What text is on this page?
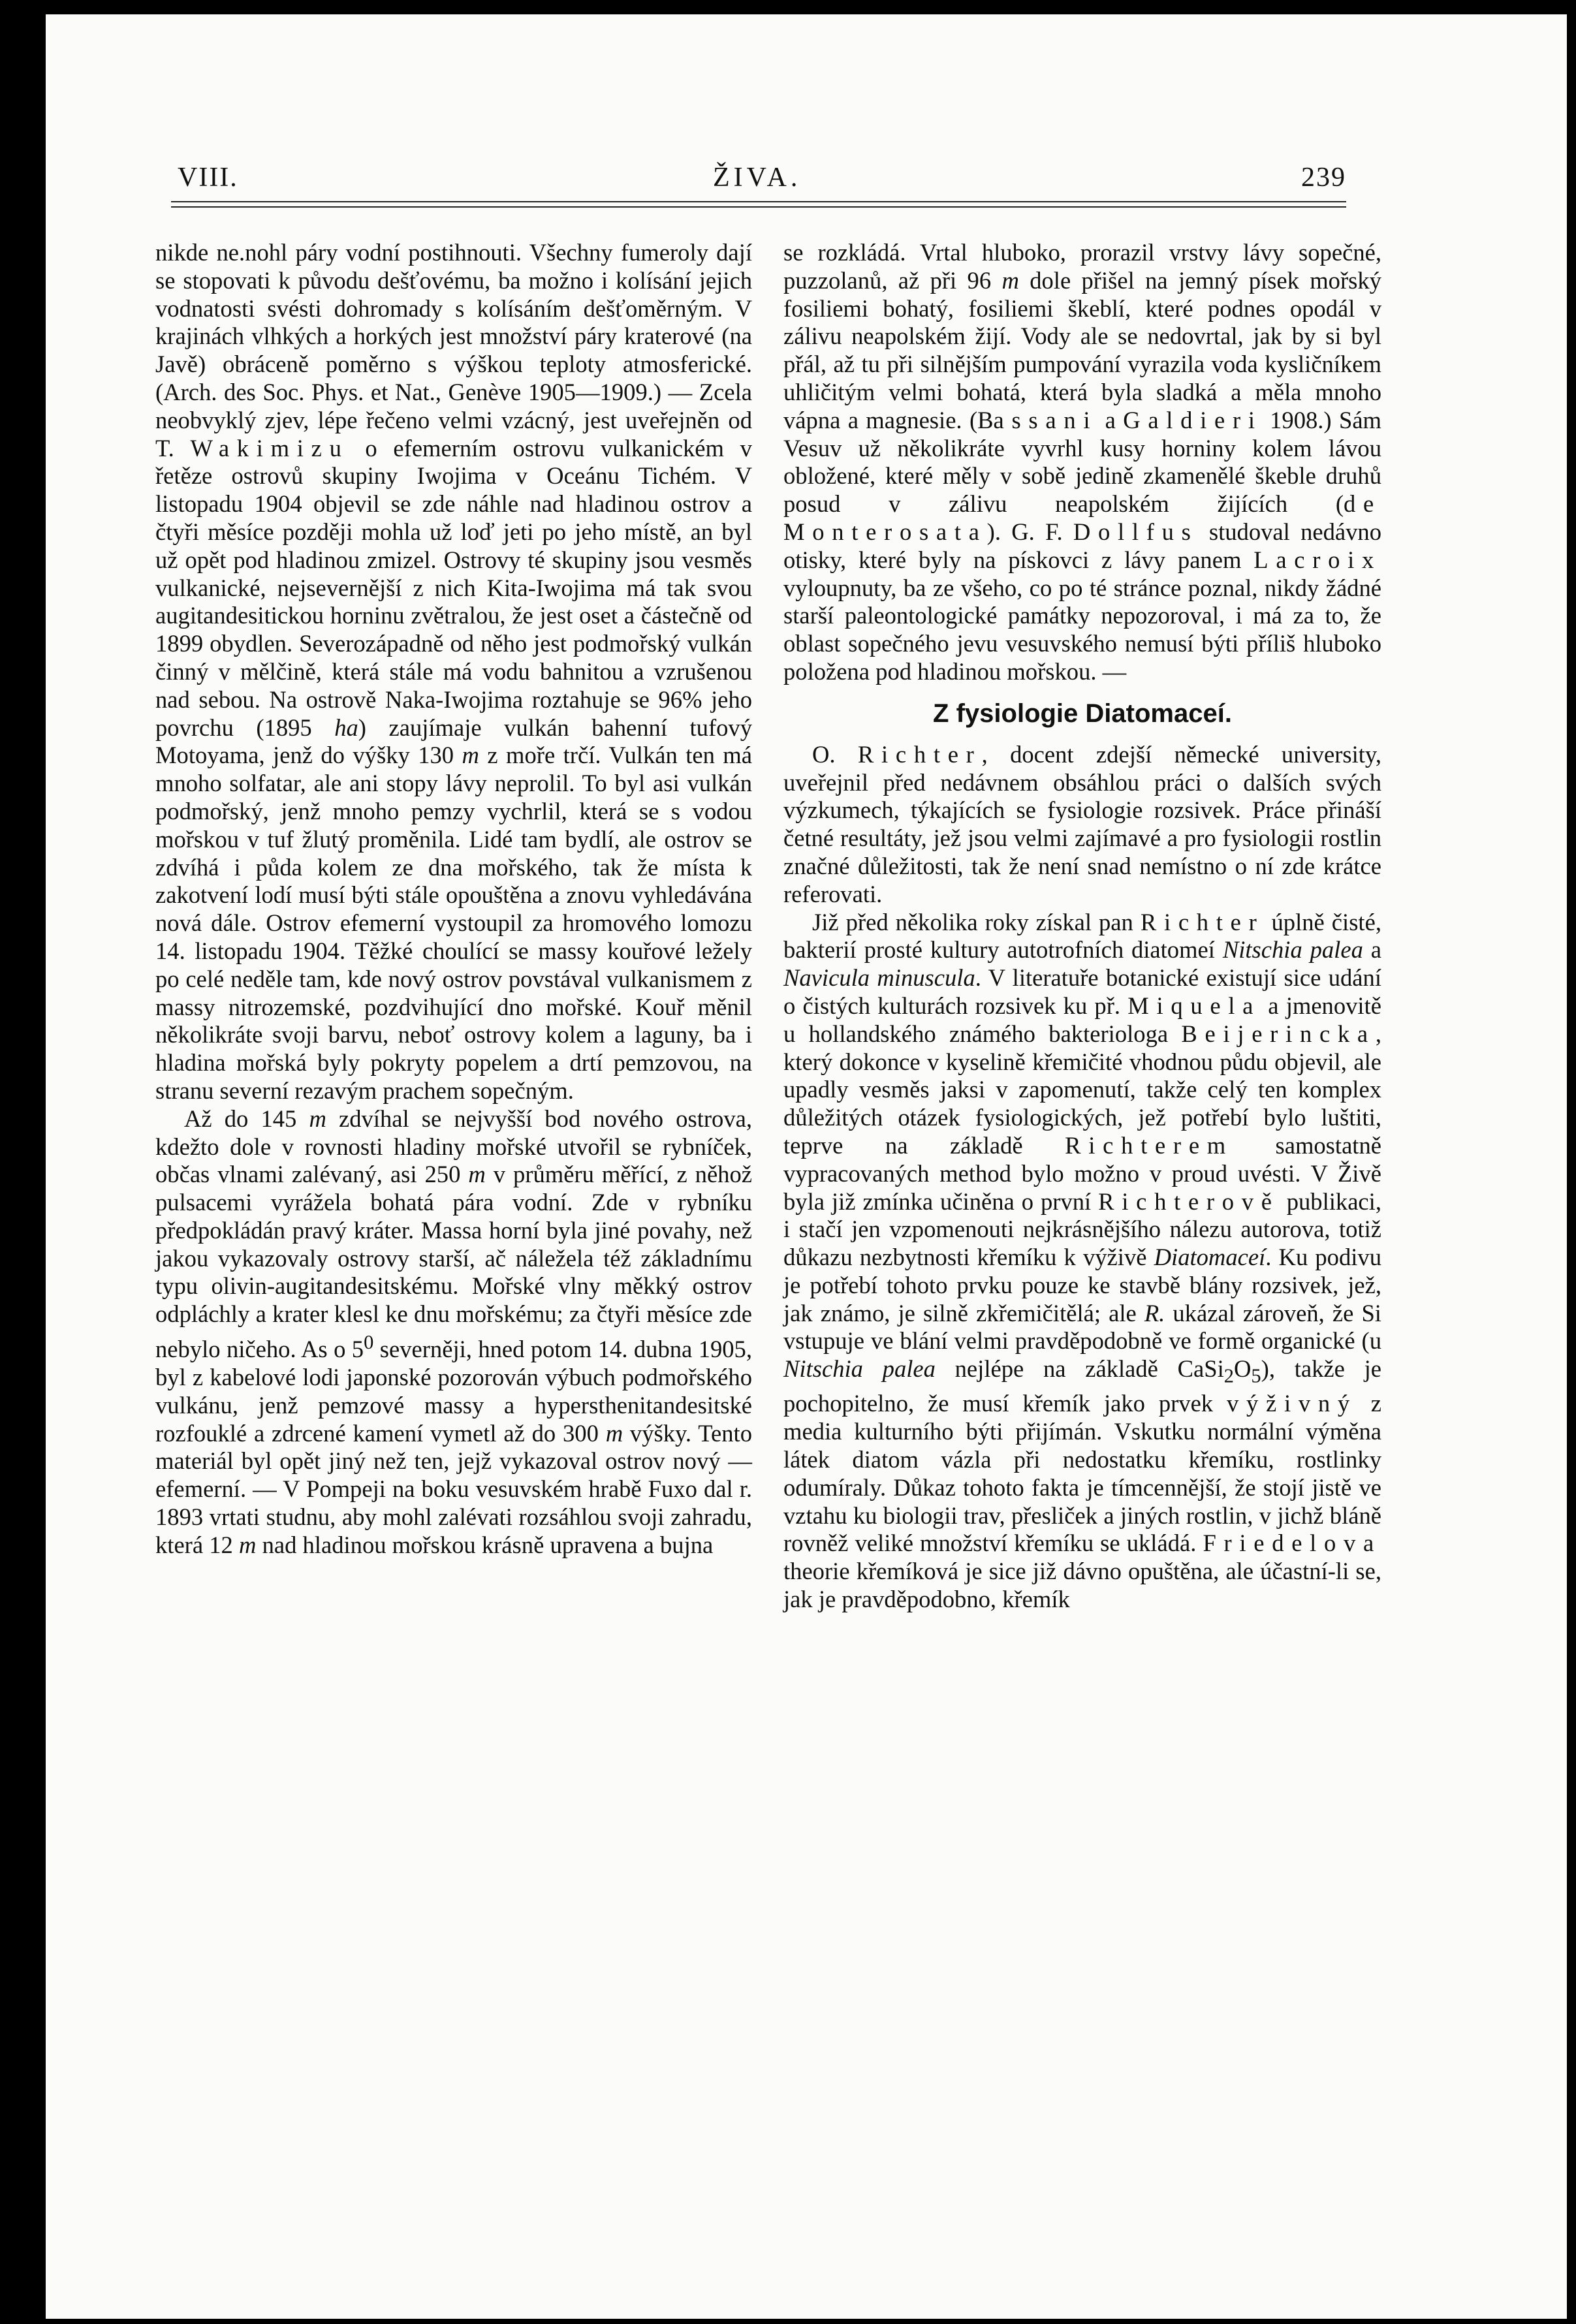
VIII.	ŽIVA.	239

nikde ne.nohl páry vodní postihnouti. Všechny fumeroly dají se stopovati k původu dešťovému, ba možno i kolísání jejich vodnatosti svésti dohromady s kolísáním dešťoměrným. V krajinách vlhkých a horkých jest množství páry kraterové (na Javě) obráceně poměrno s výškou teploty atmosferické. (Arch. des Soc. Phys. et Nat., Genève 1905—1909.) — Zcela neobvyklý zjev, lépe řečeno velmi vzácný, jest uveřejněn od T. Wakimizu o efemerním ostrovu vulkanickém v řetěze ostrovů skupiny Iwojima v Oceánu Tichém. V listopadu 1904 objevil se zde náhle nad hladinou ostrov a čtyři měsíce později mohla už loď jeti po jeho místě, an byl už opět pod hladinou zmizel. Ostrovy té skupiny jsou vesměs vulkanické, nejsevernější z nich Kita-Iwojima má tak svou augitandesitickou horninu zvětralou, že jest oset a částečně od 1899 obydlen. Severozápadně od něho jest podmořský vulkán činný v mělčině, která stále má vodu bahnitou a vzrušenou nad sebou. Na ostrově Naka-Iwojima roztahuje se 96% jeho povrchu (1895 ha) zaujímaje vulkán bahenní tufový Motoyama, jenž do výšky 130 m z moře trčí. Vulkán ten má mnoho solfatar, ale ani stopy lávy neprolil. To byl asi vulkán podmořský, jenž mnoho pemzy vychrlil, která se s vodou mořskou v tuf žlutý proměnila. Lidé tam bydlí, ale ostrov se zdvíhá i půda kolem ze dna mořského, tak že místa k zakotvení lodí musí býti stále opouštěna a znovu vyhledávána nová dále. Ostrov efemerní vystoupil za hromového lomozu 14. listopadu 1904. Těžké choulící se massy kouřové ležely po celé neděle tam, kde nový ostrov povstával vulkanismem z massy nitrozemské, pozdvihující dno mořské. Kouř měnil několikráte svoji barvu, neboť ostrovy kolem a laguny, ba i hladina mořská byly pokryty popelem a drtí pemzovou, na stranu severní rezavým prachem sopečným.

Až do 145 m zdvíhal se nejvyšší bod nového ostrova, kdežto dole v rovnosti hladiny mořské utvořil se rybníček, občas vlnami zalévaný, asi 250 m v průměru měřící, z něhož pulsacemi vyrážela bohatá pára vodní. Zde v rybníku předpokládán pravý kráter. Massa horní byla jiné povahy, než jakou vykazovaly ostrovy starší, ač náležela též základnímu typu olivin-augitandesitskému. Mořské vlny měkký ostrov odpláchly a krater klesl ke dnu mořskému; za čtyři měsíce zde nebylo ničeho. As o $5^0$ severněji, hned potom 14. dubna 1905, byl z kabelové lodi japonské pozorován výbuch podmořského vulkánu, jenž pemzové massy a hypersthenitandesitské rozfouklé a zdrcené kamení vymetl až do 300 m výšky. Tento materiál byl opět jiný než ten, jejž vykazoval ostrov nový — efemerní. — V Pompeji na boku vesuvském hrabě Fuxo dal r. 1893 vrtati studnu, aby mohl zalévati rozsáhlou svoji zahradu, která 12 m nad hladinou mořskou krásně upravena a bujna

se rozkládá. Vrtal hluboko, prorazil vrstvy lávy sopečné, puzzolanů, až při 96 m dole přišel na jemný písek mořský fosiliemi bohatý, fosiliemi škeblí, které podnes opodál v zálivu neapolském žijí. Vody ale se nedovrtal, jak by si byl přál, až tu při silnějším pumpování vyrazila voda kysličníkem uhličitým velmi bohatá, která byla sladká a měla mnoho vápna a magnesie. (Bassani a Galdieri 1908.) Sám Vesuv už několikráte vyvrhl kusy horniny kolem lávou obložené, které měly v sobě jedině zkamenělé škeble druhů posud v zálivu neapolském žijících (de Monterosata). G. F. Dollfus studoval nedávno otisky, které byly na pískovci z lávy panem Lacroix vyloupnuty, ba ze všeho, co po té stránce poznal, nikdy žádné starší paleontologické památky nepozoroval, i má za to, že oblast sopečného jevu vesuvského nemusí býti příliš hluboko položena pod hladinou mořskou. —

Z fysiologie Diatomaceí.

O. Richter, docent zdejší německé university, uveřejnil před nedávnem obsáhlou práci o dalších svých výzkumech, týkajících se fysiologie rozsivek. Práce přináší četné resultáty, jež jsou velmi zajímavé a pro fysiologii rostlin značné důležitosti, tak že není snad nemístno o ní zde krátce referovati.

Již před několika roky získal pan Richter úplně čisté, bakterií prosté kultury autotrofních diatomeí Nitschia palea a Navicula minuscula. V literatuře botanické existují sice udání o čistých kulturách rozsivek ku př. Miquela a jmenovitě u hollandského známého bakteriologa Beijerincka, který dokonce v kyselině křemičité vhodnou půdu objevil, ale upadly vesměs jaksi v zapomenutí, takže celý ten komplex důležitých otázek fysiologických, jež potřebí bylo luštiti, teprve na základě Richterem samostatně vypracovaných method bylo možno v proud uvésti. V Živě byla již zmínka učiněna o první Richterově publikaci, i stačí jen vzpomenouti nejkrásnějšího nálezu autorova, totiž důkazu nezbytnosti křemíku k výživě Diatomaceí. Ku podivu je potřebí tohoto prvku pouze ke stavbě blány rozsivek, jež, jak známo, je silně zkřemičitělá; ale R. ukázal zároveň, že Si vstupuje ve blání velmi pravděpodobně ve formě organické (u Nitschia palea nejlépe na základě $CaSi_2O_5$), takže je pochopitelno, že musí křemík jako prvek výživný z media kulturního býti přijímán. Vskutku normální výměna látek diatom vázla při nedostatku křemíku, rostlinky odumíraly. Důkaz tohoto fakta je tímcennější, že stojí jistě ve vztahu ku biologii trav, přesliček a jiných rostlin, v jichž bláně rovněž veliké množství křemíku se ukládá. Friedelova theorie křemíková je sice již dávno opuštěna, ale účastní-li se, jak je pravděpodobno, křemík
